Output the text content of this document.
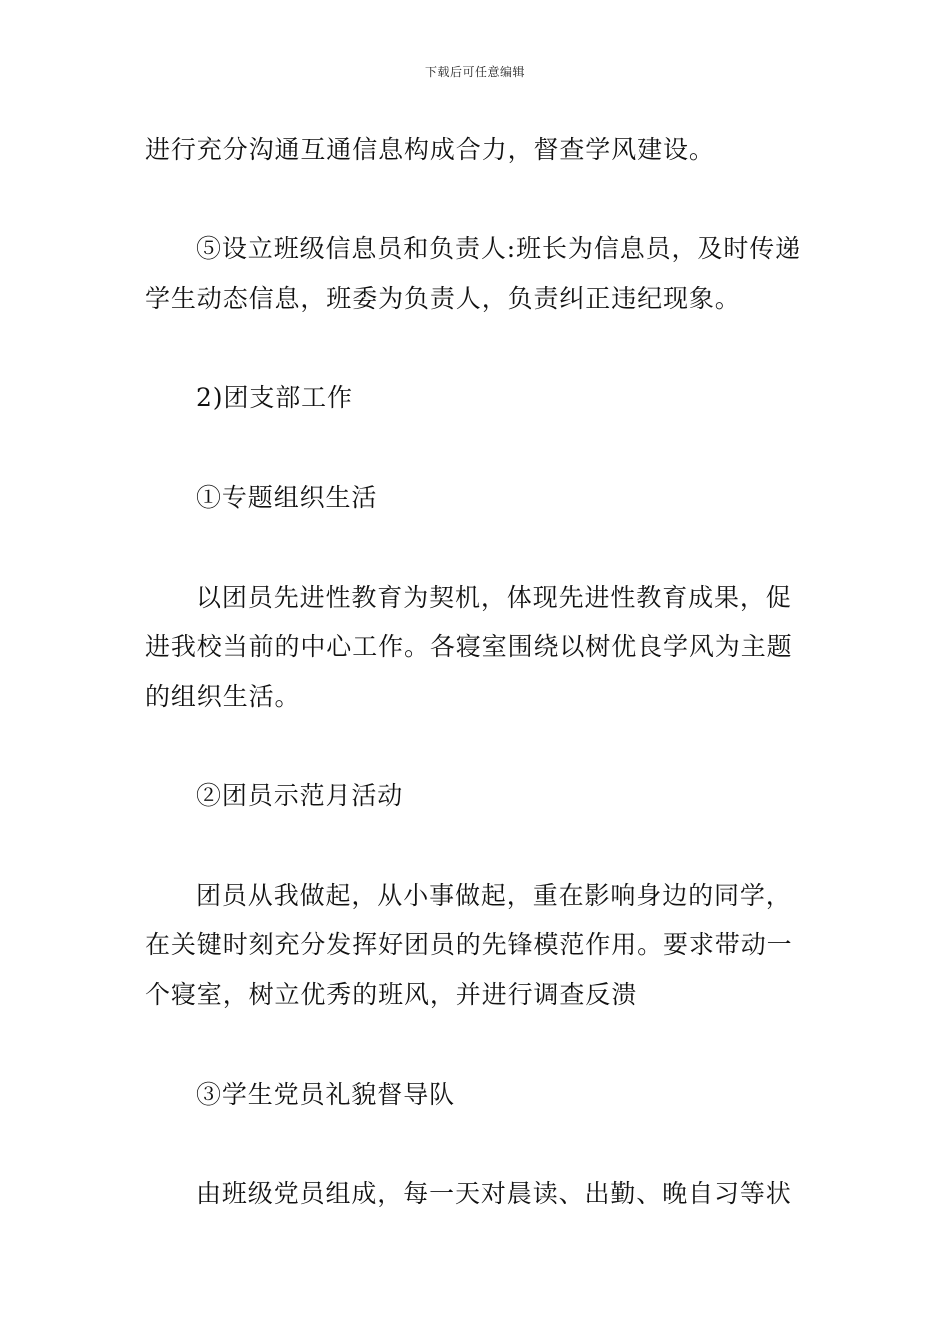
下载后可任意编辑
进行充分沟通互通信息构成合力，督查学风建设。
⑤设立班级信息员和负责人:班长为信息员，及时传递
学生动态信息，班委为负责人，负责纠正违纪现象。
2)团支部工作
①专题组织生活
以团员先进性教育为契机，体现先进性教育成果，促
进我校当前的中心工作。各寝室围绕以树优良学风为主题
的组织生活。
②团员示范月活动
团员从我做起，从小事做起，重在影响身边的同学，
在关键时刻充分发挥好团员的先锋模范作用。要求带动一
个寝室，树立优秀的班风，并进行调查反溃
③学生党员礼貌督导队
由班级党员组成，每一天对晨读、出勤、晚自习等状
